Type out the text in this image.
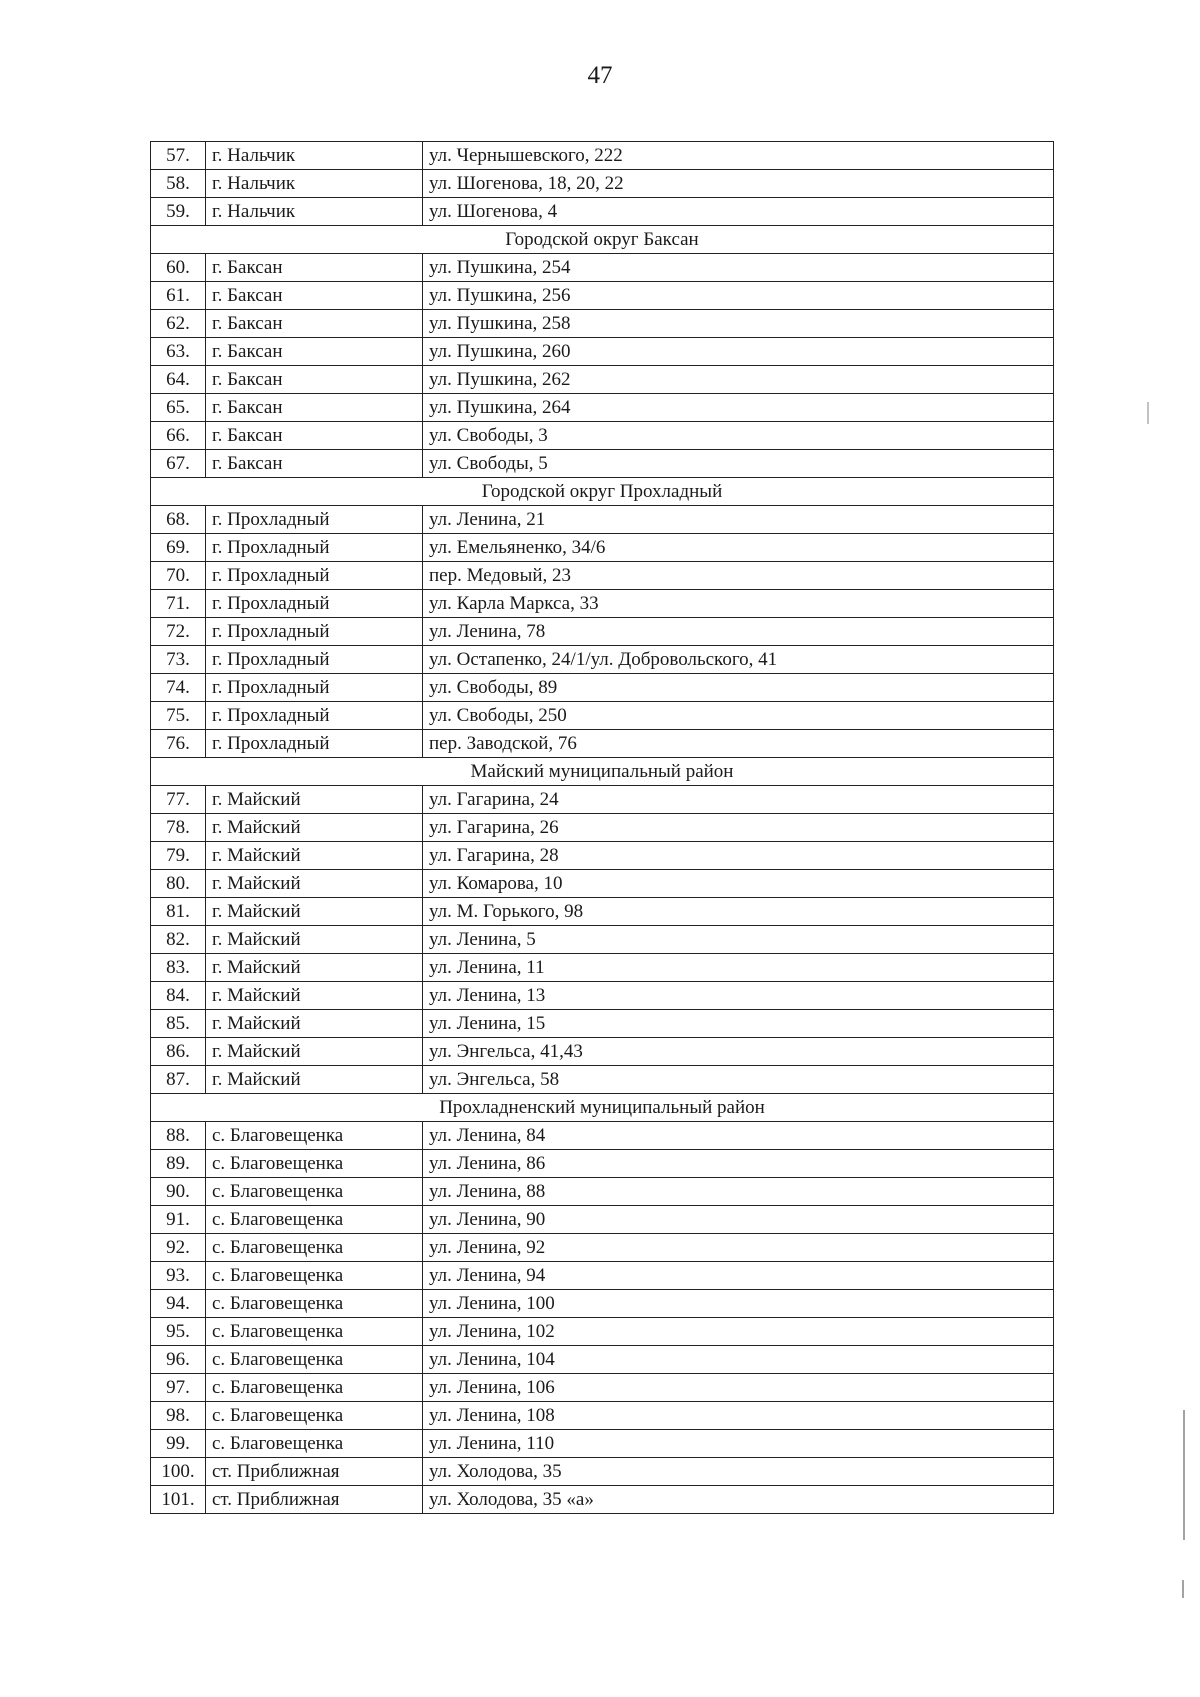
47
57.	г. Нальчик	ул. Чернышевского, 222
58.	г. Нальчик	ул. Шогенова, 18, 20, 22
59.	г. Нальчик	ул. Шогенова, 4
Городской округ Баксан		
60.	г. Баксан	ул. Пушкина, 254
61.	г. Баксан	ул. Пушкина, 256
62.	г. Баксан	ул. Пушкина, 258
63.	г. Баксан	ул. Пушкина, 260
64.	г. Баксан	ул. Пушкина, 262
65.	г. Баксан	ул. Пушкина, 264
66.	г. Баксан	ул. Свободы, 3
67.	г. Баксан	ул. Свободы, 5
Городской округ Прохладный		
68.	г. Прохладный	ул. Ленина, 21
69.	г. Прохладный	ул. Емельяненко, 34/6
70.	г. Прохладный	пер. Медовый, 23
71.	г. Прохладный	ул. Карла Маркса, 33
72.	г. Прохладный	ул. Ленина, 78
73.	г. Прохладный	ул. Остапенко, 24/1/ул. Добровольского, 41
74.	г. Прохладный	ул. Свободы, 89
75.	г. Прохладный	ул. Свободы, 250
76.	г. Прохладный	пер. Заводской, 76
Майский муниципальный район		
77.	г. Майский	ул. Гагарина, 24
78.	г. Майский	ул. Гагарина, 26
79.	г. Майский	ул. Гагарина, 28
80.	г. Майский	ул. Комарова, 10
81.	г. Майский	ул. М. Горького, 98
82.	г. Майский	ул. Ленина, 5
83.	г. Майский	ул. Ленина, 11
84.	г. Майский	ул. Ленина, 13
85.	г. Майский	ул. Ленина, 15
86.	г. Майский	ул. Энгельса, 41,43
87.	г. Майский	ул. Энгельса, 58
Прохладненский муниципальный район		
88.	с. Благовещенка	ул. Ленина, 84
89.	с. Благовещенка	ул. Ленина, 86
90.	с. Благовещенка	ул. Ленина, 88
91.	с. Благовещенка	ул. Ленина, 90
92.	с. Благовещенка	ул. Ленина, 92
93.	с. Благовещенка	ул. Ленина, 94
94.	с. Благовещенка	ул. Ленина, 100
95.	с. Благовещенка	ул. Ленина, 102
96.	с. Благовещенка	ул. Ленина, 104
97.	с. Благовещенка	ул. Ленина, 106
98.	с. Благовещенка	ул. Ленина, 108
99.	с. Благовещенка	ул. Ленина, 110
100.	ст. Приближная	ул. Холодова, 35
101.	ст. Приближная	ул. Холодова, 35 «а»
